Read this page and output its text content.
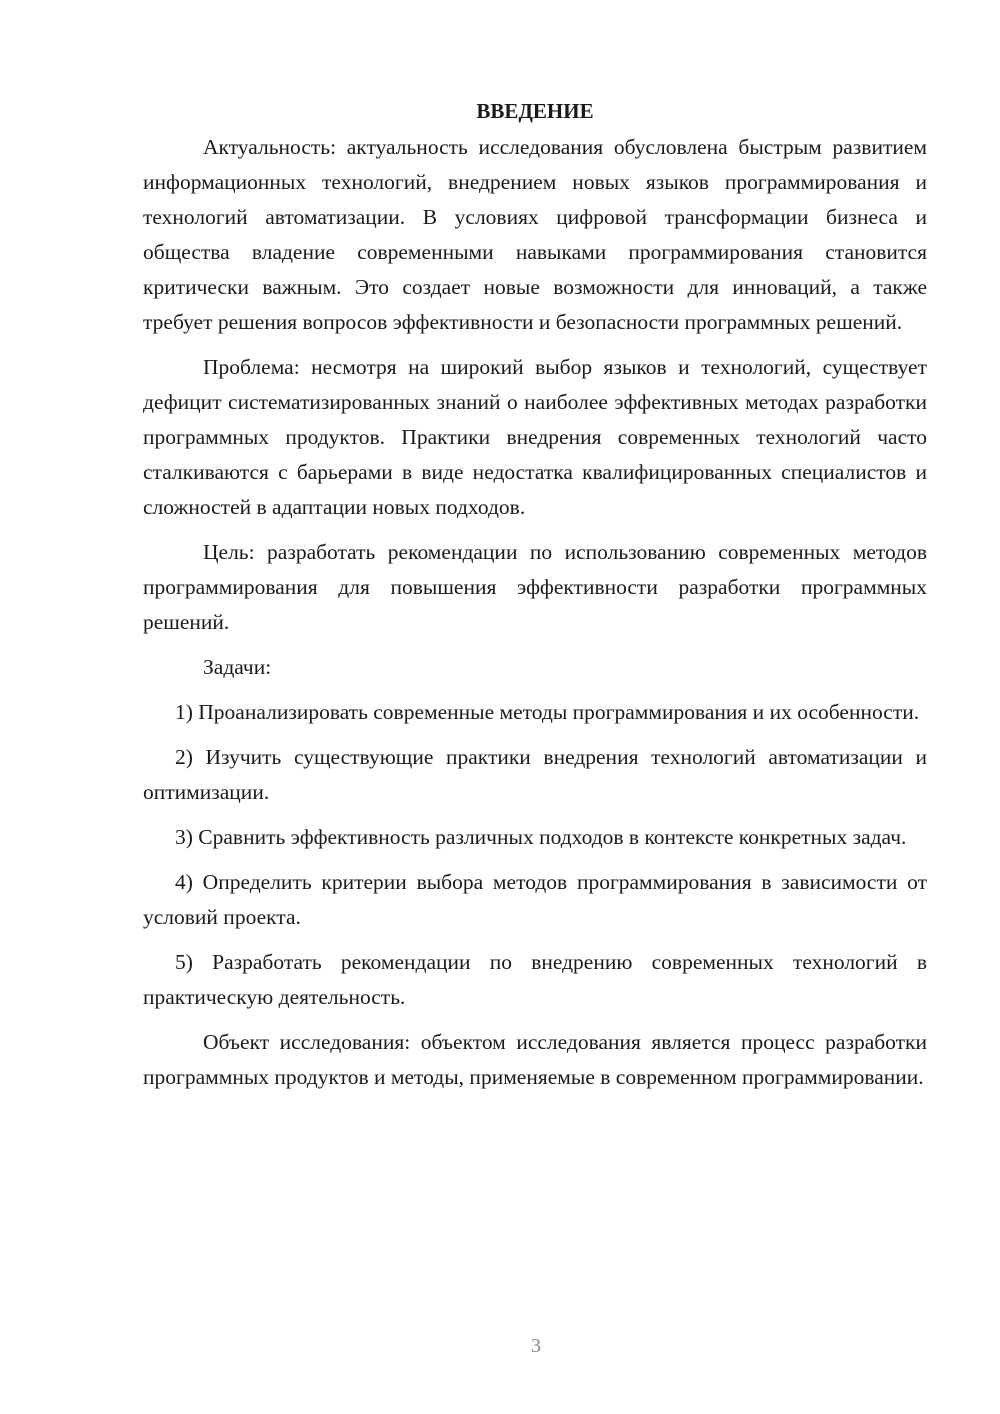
ВВЕДЕНИЕ

Актуальность: актуальность исследования обусловлена быстрым развитием информационных технологий, внедрением новых языков программирования и технологий автоматизации. В условиях цифровой трансформации бизнеса и общества владение современными навыками программирования становится критически важным. Это создает новые возможности для инноваций, а также требует решения вопросов эффективности и безопасности программных решений.

Проблема: несмотря на широкий выбор языков и технологий, существует дефицит систематизированных знаний о наиболее эффективных методах разработки программных продуктов. Практики внедрения современных технологий часто сталкиваются с барьерами в виде недостатка квалифицированных специалистов и сложностей в адаптации новых подходов.

Цель: разработать рекомендации по использованию современных методов программирования для повышения эффективности разработки программных решений.

Задачи:

1) Проанализировать современные методы программирования и их особенности.

2) Изучить существующие практики внедрения технологий автоматизации и оптимизации.

3) Сравнить эффективность различных подходов в контексте конкретных задач.

4) Определить критерии выбора методов программирования в зависимости от условий проекта.

5) Разработать рекомендации по внедрению современных технологий в практическую деятельность.

Объект исследования: объектом исследования является процесс разработки программных продуктов и методы, применяемые в современном программировании.

3
